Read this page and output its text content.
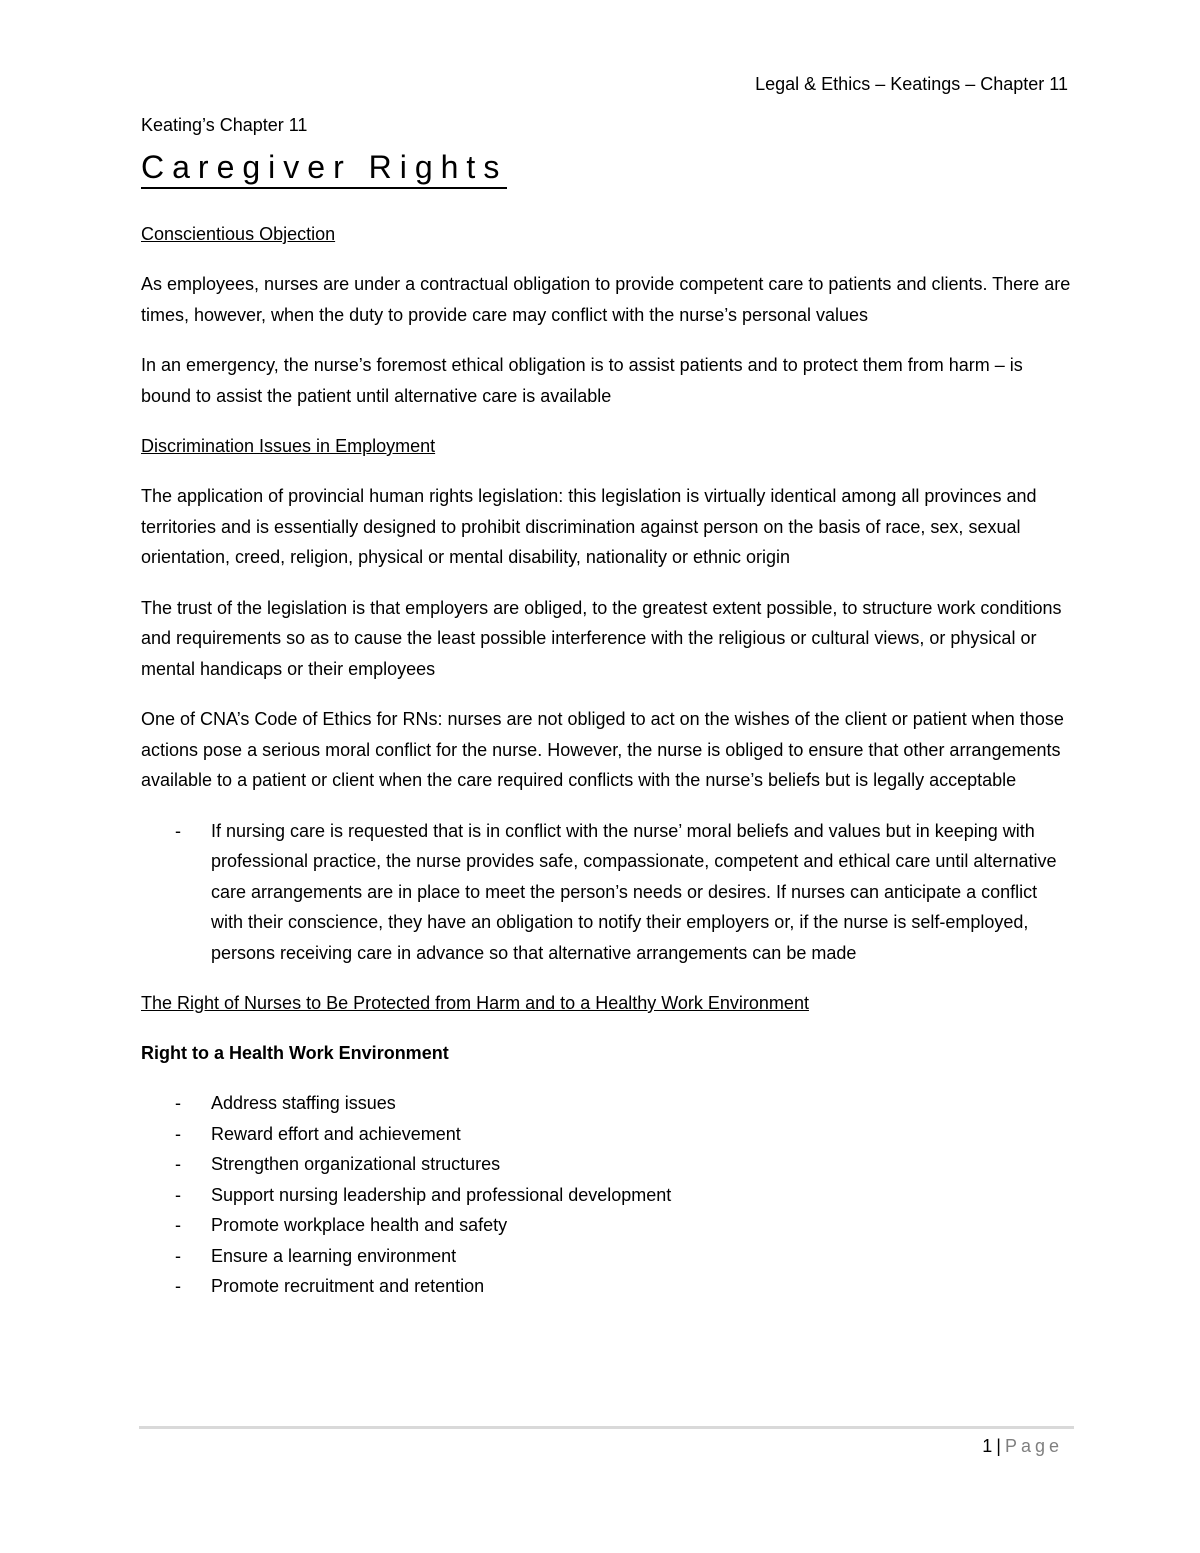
Legal & Ethics – Keatings – Chapter 11
Keating’s Chapter 11
Caregiver Rights
Conscientious Objection
As employees, nurses are under a contractual obligation to provide competent care to patients and clients. There are times, however, when the duty to provide care may conflict with the nurse’s personal values
In an emergency, the nurse’s foremost ethical obligation is to assist patients and to protect them from harm – is bound to assist the patient until alternative care is available
Discrimination Issues in Employment
The application of provincial human rights legislation: this legislation is virtually identical among all provinces and territories and is essentially designed to prohibit discrimination against person on the basis of race, sex, sexual orientation, creed, religion, physical or mental disability, nationality or ethnic origin
The trust of the legislation is that employers are obliged, to the greatest extent possible, to structure work conditions and requirements so as to cause the least possible interference with the religious or cultural views, or physical or mental handicaps or their employees
One of CNA’s Code of Ethics for RNs: nurses are not obliged to act on the wishes of the client or patient when those actions pose a serious moral conflict for the nurse. However, the nurse is obliged to ensure that other arrangements available to a patient or client when the care required conflicts with the nurse’s beliefs but is legally acceptable
- If nursing care is requested that is in conflict with the nurse’ moral beliefs and values but in keeping with professional practice, the nurse provides safe, compassionate, competent and ethical care until alternative care arrangements are in place to meet the person’s needs or desires. If nurses can anticipate a conflict with their conscience, they have an obligation to notify their employers or, if the nurse is self-employed, persons receiving care in advance so that alternative arrangements can be made
The Right of Nurses to Be Protected from Harm and to a Healthy Work Environment
Right to a Health Work Environment
- Address staffing issues
- Reward effort and achievement
- Strengthen organizational structures
- Support nursing leadership and professional development
- Promote workplace health and safety
- Ensure a learning environment
- Promote recruitment and retention
1 | Page
